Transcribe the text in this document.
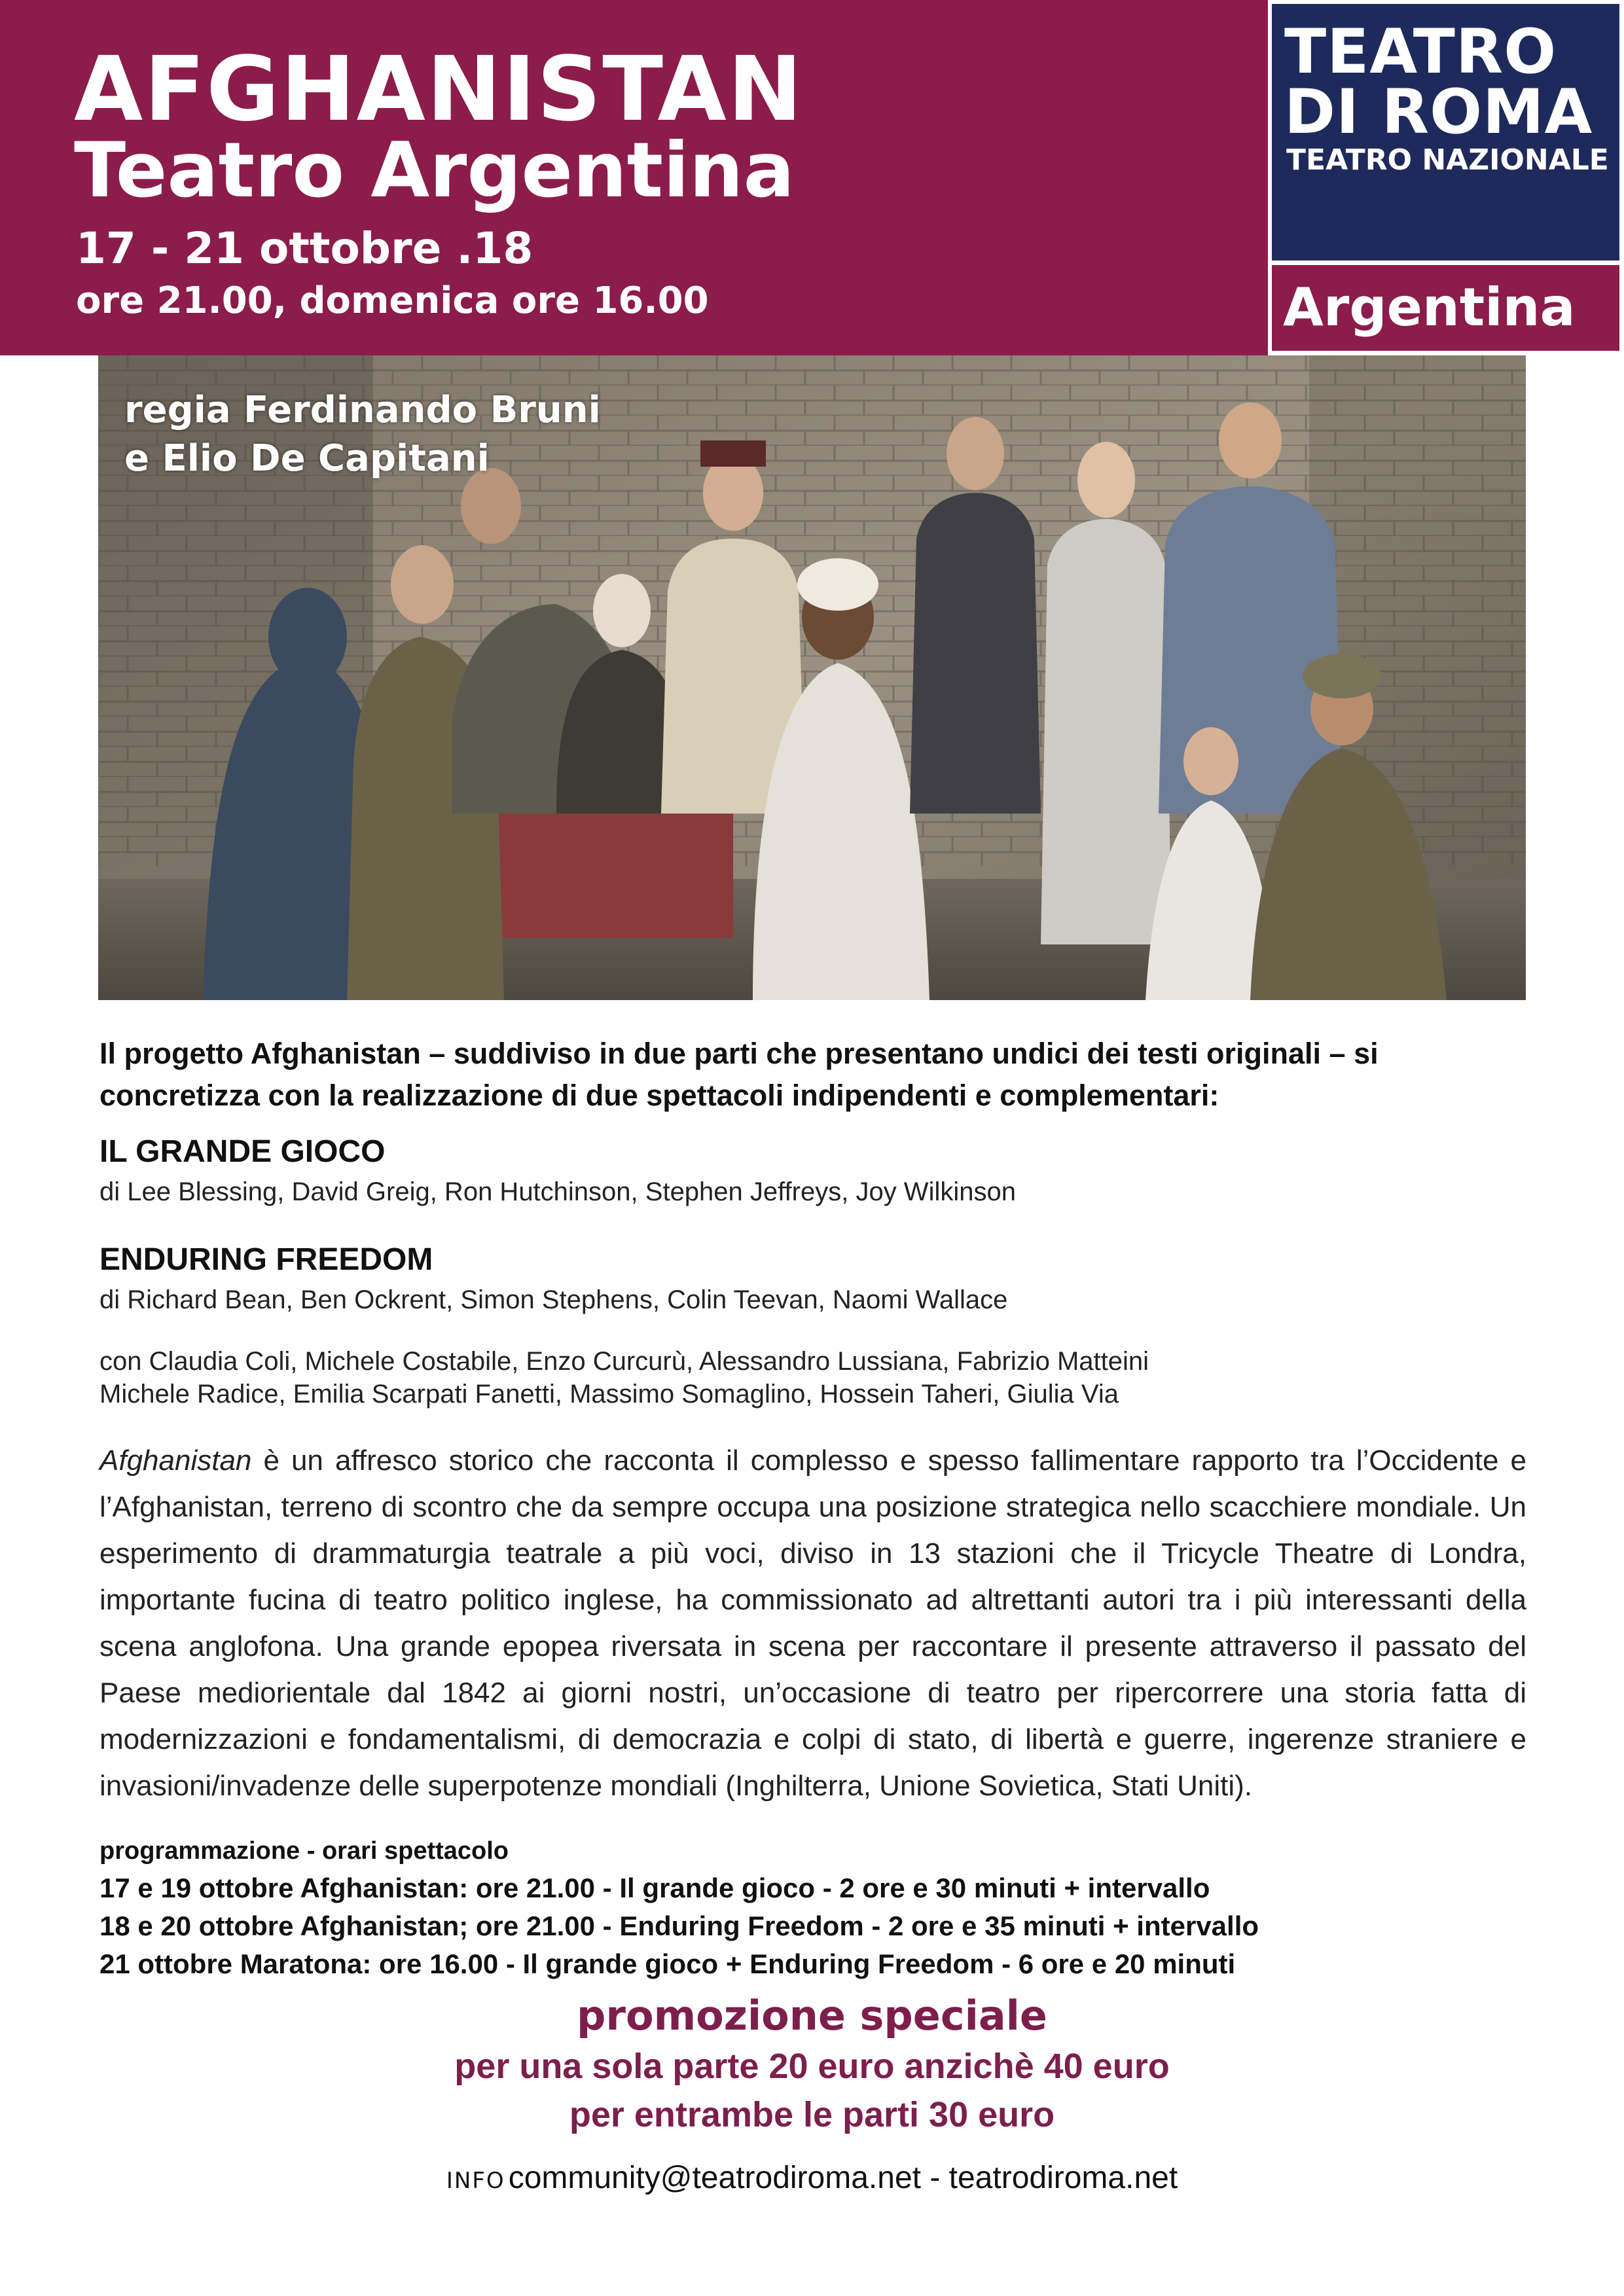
AFGHANISTAN
Teatro Argentina
17 - 21 ottobre .18
ore 21.00, domenica ore 16.00
TEATRO
DI ROMA
TEATRO NAZIONALE
Argentina
regia Ferdinando Bruni
e Elio De Capitani
Il progetto Afghanistan – suddiviso in due parti che presentano undici dei testi originali – si concretizza con la realizzazione di due spettacoli indipendenti e complementari:
IL GRANDE GIOCO
di Lee Blessing, David Greig, Ron Hutchinson, Stephen Jeffreys, Joy Wilkinson
ENDURING FREEDOM
di Richard Bean, Ben Ockrent, Simon Stephens, Colin Teevan, Naomi Wallace
con Claudia Coli, Michele Costabile, Enzo Curcurù, Alessandro Lussiana, Fabrizio Matteini
Michele Radice, Emilia Scarpati Fanetti, Massimo Somaglino, Hossein Taheri, Giulia Via
Afghanistan è un affresco storico che racconta il complesso e spesso fallimentare rapporto tra l’Occidente e l’Afghanistan, terreno di scontro che da sempre occupa una posizione strategica nello scacchiere mondiale. Un esperimento di drammaturgia teatrale a più voci, diviso in 13 stazioni che il Tricycle Theatre di Londra, importante fucina di teatro politico inglese, ha commissionato ad altrettanti autori tra i più interessanti della scena anglofona. Una grande epopea riversata in scena per raccontare il presente attraverso il passato del Paese mediorientale dal 1842 ai giorni nostri, un’occasione di teatro per ripercorrere una storia fatta di modernizzazioni e fondamentalismi, di democrazia e colpi di stato, di libertà e guerre, ingerenze straniere e invasioni/invadenze delle superpotenze mondiali (Inghilterra, Unione Sovietica, Stati Uniti).
programmazione - orari spettacolo
17 e 19 ottobre Afghanistan: ore 21.00 - Il grande gioco - 2 ore e 30 minuti + intervallo
18 e 20 ottobre Afghanistan; ore 21.00 - Enduring Freedom - 2 ore e 35 minuti + intervallo
21 ottobre Maratona: ore 16.00 - Il grande gioco + Enduring Freedom - 6 ore e 20 minuti
promozione speciale
per una sola parte 20 euro anzichè 40 euro
per entrambe le parti 30 euro
INFO community@teatrodiroma.net - teatrodiroma.net
